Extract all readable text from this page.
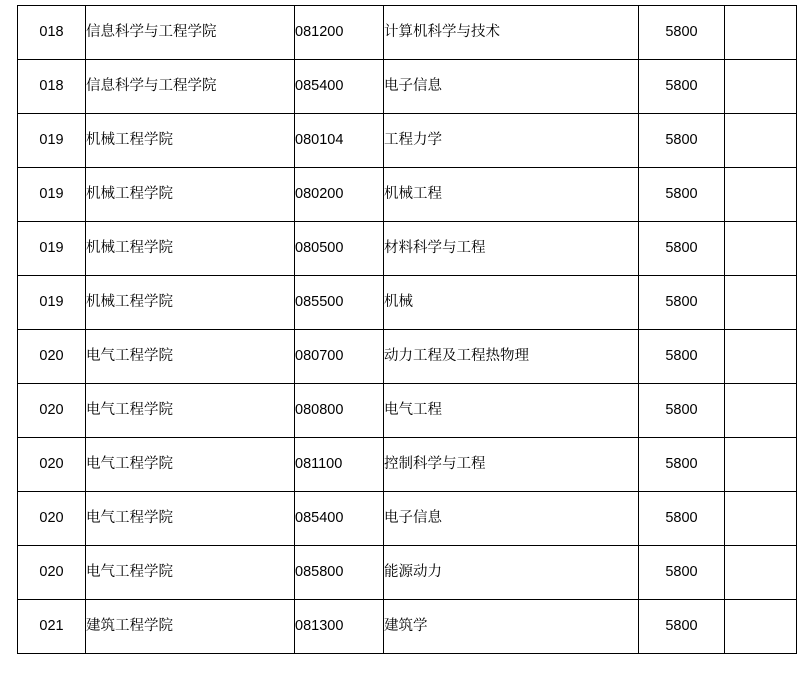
018	信息科学与工程学院	081200	计算机科学与技术	5800	
018	信息科学与工程学院	085400	电子信息	5800	
019	机械工程学院	080104	工程力学	5800	
019	机械工程学院	080200	机械工程	5800	
019	机械工程学院	080500	材料科学与工程	5800	
019	机械工程学院	085500	机械	5800	
020	电气工程学院	080700	动力工程及工程热物理	5800	
020	电气工程学院	080800	电气工程	5800	
020	电气工程学院	081100	控制科学与工程	5800	
020	电气工程学院	085400	电子信息	5800	
020	电气工程学院	085800	能源动力	5800	
021	建筑工程学院	081300	建筑学	5800	
